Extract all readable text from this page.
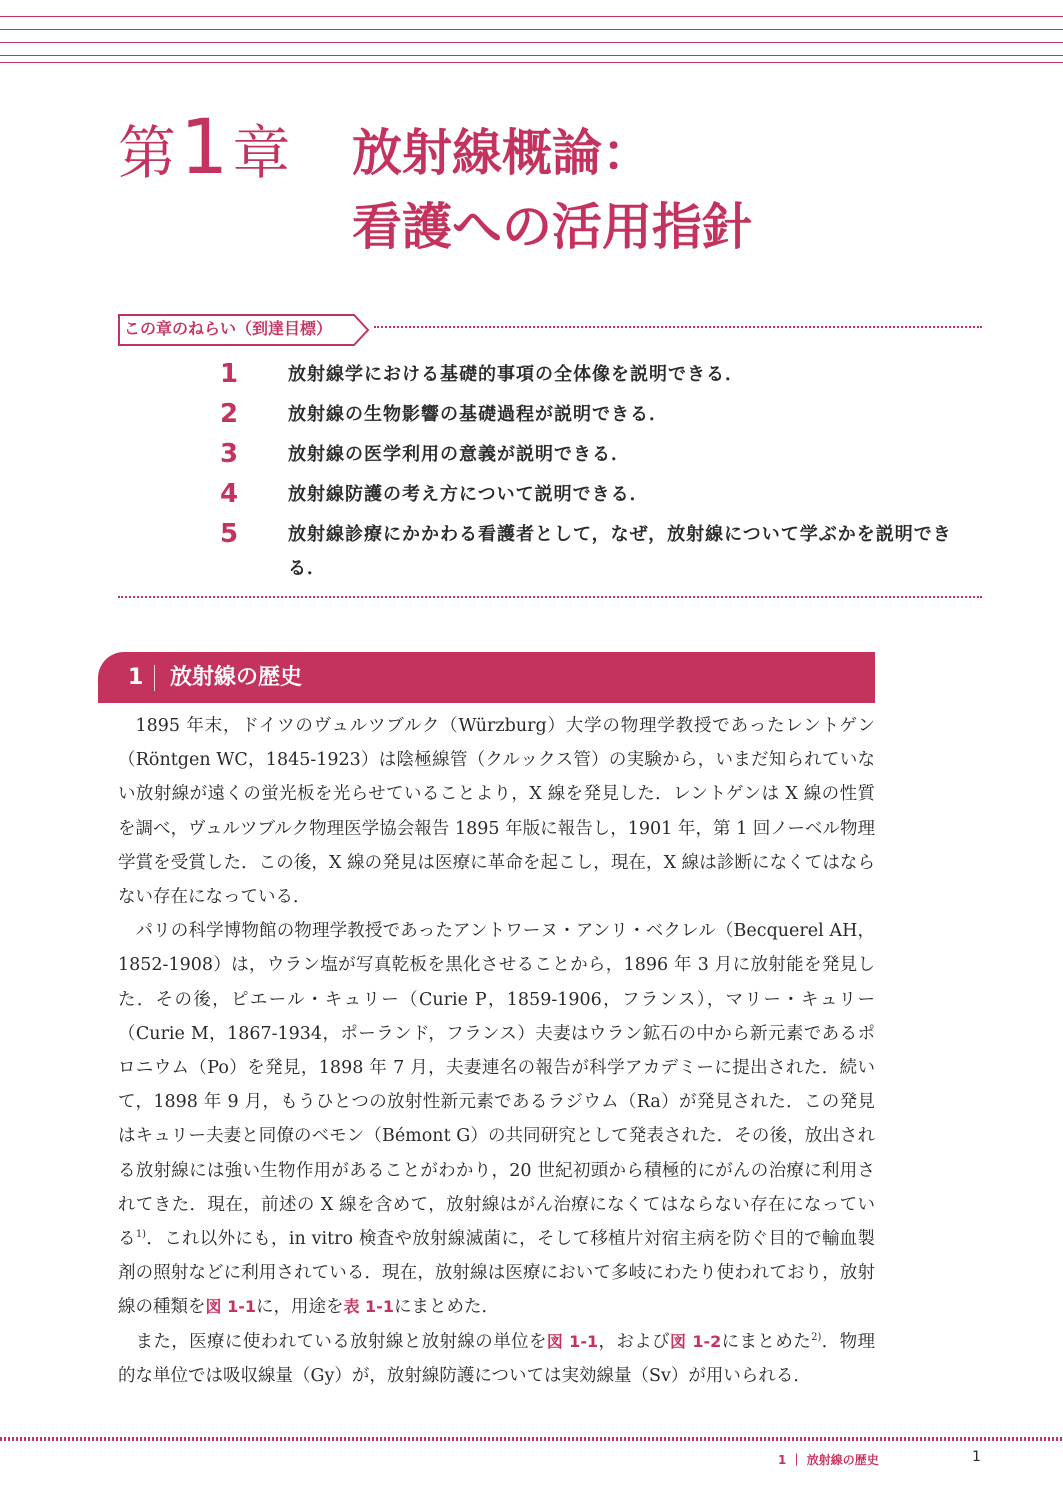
第1章 放射線概論：
看護への活用指針
この章のねらい（到達目標）
1	放射線学における基礎的事項の全体像を説明できる．
2	放射線の生物影響の基礎過程が説明できる．
3	放射線の医学利用の意義が説明できる．
4	放射線防護の考え方について説明できる．
5	放射線診療にかかわる看護者として，なぜ，放射線について学ぶかを説明できる．
1 放射線の歴史

1895 年末，ドイツのヴュルツブルク（Würzburg）大学の物理学教授であったレントゲン（Röntgen WC，1845-1923）は陰極線管（クルックス管）の実験から，いまだ知られていない放射線が遠くの蛍光板を光らせていることより，X 線を発見した．レントゲンは X 線の性質を調べ，ヴュルツブルク物理医学協会報告 1895 年版に報告し，1901 年，第 1 回ノーベル物理学賞を受賞した．この後，X 線の発見は医療に革命を起こし，現在，X 線は診断になくてはならない存在になっている．

パリの科学博物館の物理学教授であったアントワーヌ・アンリ・ベクレル（Becquerel AH，1852-1908）は，ウラン塩が写真乾板を黒化させることから，1896 年 3 月に放射能を発見した．その後，ピエール・キュリー（Curie P，1859-1906，フランス），マリー・キュリー（Curie M，1867-1934，ポーランド，フランス）夫妻はウラン鉱石の中から新元素であるポロニウム（Po）を発見，1898 年 7 月，夫妻連名の報告が科学アカデミーに提出された．続いて，1898 年 9 月，もうひとつの放射性新元素であるラジウム（Ra）が発見された．この発見はキュリー夫妻と同僚のベモン（Bémont G）の共同研究として発表された．その後，放出される放射線には強い生物作用があることがわかり，20 世紀初頭から積極的にがんの治療に利用されてきた．現在，前述の X 線を含めて，放射線はがん治療になくてはならない存在になっている$^{1)}$．これ以外にも，in vitro 検査や放射線滅菌に，そして移植片対宿主病を防ぐ目的で輸血製剤の照射などに利用されている．現在，放射線は医療において多岐にわたり使われており，放射線の種類を図 1-1に，用途を表 1-1にまとめた．

また，医療に使われている放射線と放射線の単位を図 1-1，および図 1-2にまとめた$^{2)}$．物理的な単位では吸収線量（Gy）が，放射線防護については実効線量（Sv）が用いられる．

1 ｜ 放射線の歴史	1
